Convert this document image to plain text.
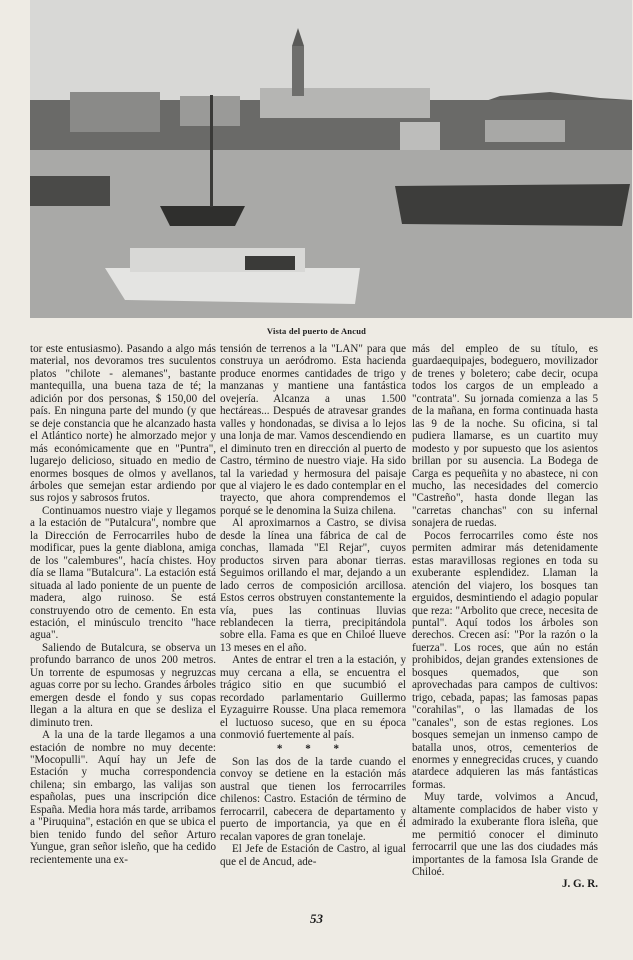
Vista del puerto de Ancud

tor este entusiasmo). Pasando a algo más material, nos devoramos tres suculentos platos "chilote - alemanes", bastante mantequilla, una buena taza de té; la adición por dos personas, $ 150,00 del país. En ninguna parte del mundo (y que se deje constancia que he alcanzado hasta el Atlántico norte) he almorzado mejor y más económicamente que en "Puntra", lugarejo delicioso, situado en medio de enormes bosques de olmos y avellanos, árboles que semejan estar ardiendo por sus rojos y sabrosos frutos.

Continuamos nuestro viaje y llegamos a la estación de "Putalcura", nombre que la Dirección de Ferrocarriles hubo de modificar, pues la gente diablona, amiga de los "calembures", hacía chistes. Hoy día se llama "Butalcura". La estación está situada al lado poniente de un puente de madera, algo ruinoso. Se está construyendo otro de cemento. En esta estación, el minúsculo trencito "hace agua".

Saliendo de Butalcura, se observa un profundo barranco de unos 200 metros. Un torrente de espumosas y negruzcas aguas corre por su lecho. Grandes árboles emergen desde el fondo y sus copas llegan a la altura en que se desliza el diminuto tren.

A la una de la tarde llegamos a una estación de nombre no muy decente: "Mocopulli". Aquí hay un Jefe de Estación y mucha correspondencia chilena; sin embargo, las valijas son españolas, pues una inscripción dice España. Media hora más tarde, arribamos a "Piruquina", estación en que se ubica el bien tenido fundo del señor Arturo Yungue, gran señor isleño, que ha cedido recientemente una ex-

tensión de terrenos a la "LAN" para que construya un aeródromo. Esta hacienda produce enormes cantidades de trigo y manzanas y mantiene una fantástica ovejería. Alcanza a unas 1.500 hectáreas... Después de atravesar grandes valles y hondonadas, se divisa a lo lejos una lonja de mar. Vamos descendiendo en el diminuto tren en dirección al puerto de Castro, término de nuestro viaje. Ha sido tal la variedad y hermosura del paisaje que al viajero le es dado contemplar en el trayecto, que ahora comprendemos el porqué se le denomina la Suiza chilena.

Al aproximarnos a Castro, se divisa desde la línea una fábrica de cal de conchas, llamada "El Rejar", cuyos productos sirven para abonar tierras. Seguimos orillando el mar, dejando a un lado cerros de composición arcillosa. Estos cerros obstruyen constantemente la vía, pues las continuas lluvias reblandecen la tierra, precipitándola sobre ella. Fama es que en Chiloé llueve 13 meses en el año.

Antes de entrar el tren a la estación, y muy cercana a ella, se encuentra el trágico sitio en que sucumbió el recordado parlamentario Guillermo Eyzaguirre Rousse. Una placa rememora el luctuoso suceso, que en su época conmovió fuertemente al país.

* * *

Son las dos de la tarde cuando el convoy se detiene en la estación más austral que tienen los ferrocarriles chilenos: Castro. Estación de término de ferrocarril, cabecera de departamento y puerto de importancia, ya que en él recalan vapores de gran tonelaje.

El Jefe de Estación de Castro, al igual que el de Ancud, ade-

más del empleo de su título, es guardaequipajes, bodeguero, movilizador de trenes y boletero; cabe decir, ocupa todos los cargos de un empleado a "contrata". Su jornada comienza a las 5 de la mañana, en forma continuada hasta las 9 de la noche. Su oficina, si tal pudiera llamarse, es un cuartito muy modesto y por supuesto que los asientos brillan por su ausencia. La Bodega de Carga es pequeñita y no abastece, ni con mucho, las necesidades del comercio "Castreño", hasta donde llegan las "carretas chanchas" con su infernal sonajera de ruedas.

Pocos ferrocarriles como éste nos permiten admirar más detenidamente estas maravillosas regiones en toda su exuberante esplendidez. Llaman la atención del viajero, los bosques tan erguidos, desmintiendo el adagio popular que reza: "Arbolito que crece, necesita de puntal". Aquí todos los árboles son derechos. Crecen así: "Por la razón o la fuerza". Los roces, que aún no están prohibidos, dejan grandes extensiones de bosques quemados, que son aprovechadas para campos de cultivos: trigo, cebada, papas; las famosas papas "corahilas", o las llamadas de los "canales", son de estas regiones. Los bosques semejan un inmenso campo de batalla unos, otros, cementerios de enormes y ennegrecidas cruces, y cuando atardece adquieren las más fantásticas formas.

Muy tarde, volvimos a Ancud, altamente complacidos de haber visto y admirado la exuberante flora isleña, que me permitió conocer el diminuto ferrocarril que une las dos ciudades más importantes de la famosa Isla Grande de Chiloé.

J. G. R.

53
